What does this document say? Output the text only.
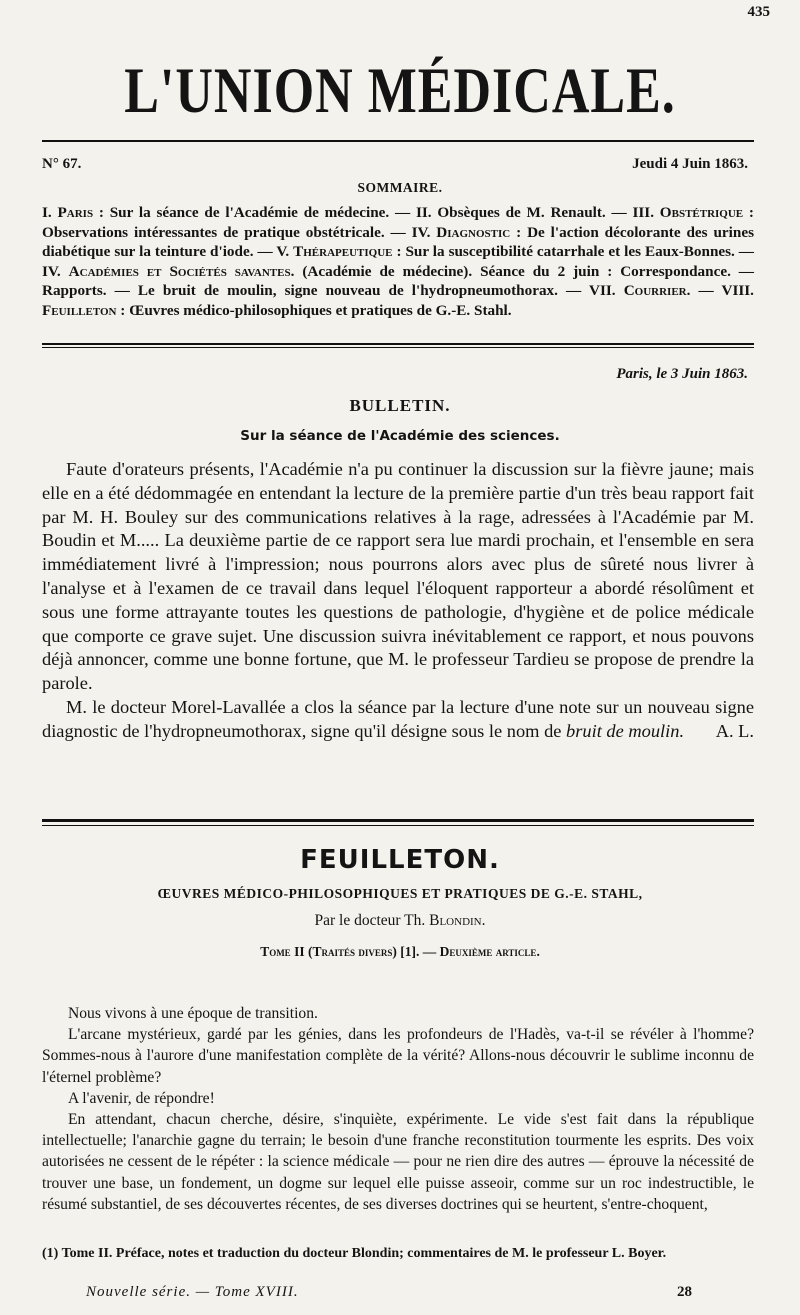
435
L'UNION MÉDICALE.
N° 67.	Jeudi 4 Juin 1863.
SOMMAIRE.
I. Paris : Sur la séance de l'Académie de médecine. — II. Obsèques de M. Renault. — III. Obstétrique : Observations intéressantes de pratique obstétricale. — IV. Diagnostic : De l'action décolorante des urines diabétique sur la teinture d'iode. — V. Thérapeutique : Sur la susceptibilité catarrhale et les Eaux-Bonnes. — IV. Académies et Sociétés savantes. (Académie de médecine). Séance du 2 juin : Correspondance. — Rapports. — Le bruit de moulin, signe nouveau de l'hydropneumothorax. — VII. Courrier. — VIII. Feuilleton : Œuvres médico-philosophiques et pratiques de G.-E. Stahl.
Paris, le 3 Juin 1863.
BULLETIN.
Sur la séance de l'Académie des sciences.

Faute d'orateurs présents, l'Académie n'a pu continuer la discussion sur la fièvre jaune; mais elle en a été dédommagée en entendant la lecture de la première partie d'un très beau rapport fait par M. H. Bouley sur des communications relatives à la rage, adressées à l'Académie par M. Boudin et M..... La deuxième partie de ce rapport sera lue mardi prochain, et l'ensemble en sera immédiatement livré à l'impression; nous pourrons alors avec plus de sûreté nous livrer à l'analyse et à l'examen de ce travail dans lequel l'éloquent rapporteur a abordé résolûment et sous une forme attrayante toutes les questions de pathologie, d'hygiène et de police médicale que comporte ce grave sujet. Une discussion suivra inévitablement ce rapport, et nous pouvons déjà annoncer, comme une bonne fortune, que M. le professeur Tardieu se propose de prendre la parole.

M. le docteur Morel-Lavallée a clos la séance par la lecture d'une note sur un nouveau signe diagnostic de l'hydropneumothorax, signe qu'il désigne sous le nom de bruit de moulin.	A. L.

FEUILLETON.
ŒUVRES MÉDICO-PHILOSOPHIQUES ET PRATIQUES DE G.-E. STAHL,
Par le docteur Th. Blondin.
Tome II (Traités divers) [1]. — Deuxième article.

Nous vivons à une époque de transition.

L'arcane mystérieux, gardé par les génies, dans les profondeurs de l'Hadès, va-t-il se révéler à l'homme? Sommes-nous à l'aurore d'une manifestation complète de la vérité? Allons-nous découvrir le sublime inconnu de l'éternel problème?

A l'avenir, de répondre!

En attendant, chacun cherche, désire, s'inquiète, expérimente. Le vide s'est fait dans la république intellectuelle; l'anarchie gagne du terrain; le besoin d'une franche reconstitution tourmente les esprits. Des voix autorisées ne cessent de le répéter : la science médicale — pour ne rien dire des autres — éprouve la nécessité de trouver une base, un fondement, un dogme sur lequel elle puisse asseoir, comme sur un roc indestructible, le résumé substantiel, de ses découvertes récentes, de ses diverses doctrines qui se heurtent, s'entre-choquent,

(1) Tome II. Préface, notes et traduction du docteur Blondin; commentaires de M. le professeur L. Boyer.
Nouvelle série. — Tome XVIII.	28
